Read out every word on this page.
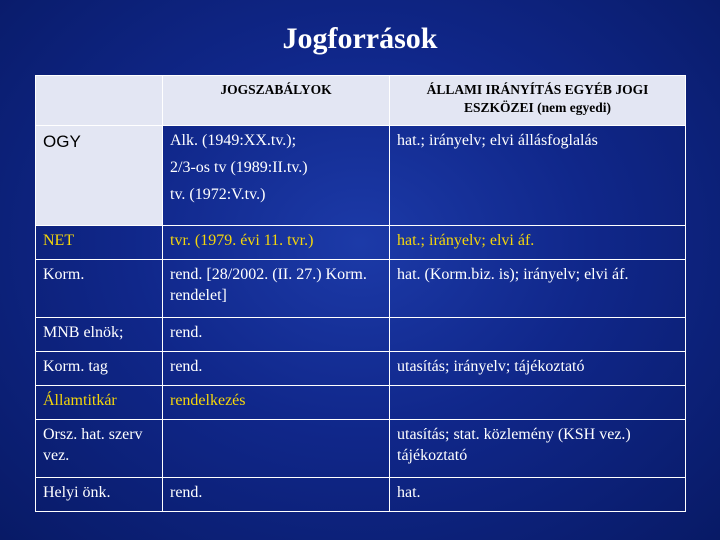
Jogforrások
	JOGSZABÁLYOK	ÁLLAMI IRÁNYÍTÁS EGYÉB JOGI ESZKÖZEI (nem egyedi)
OGY	Alk. (1949:XX.tv.);
2/3-os tv (1989:II.tv.)
tv. (1972:V.tv.)	hat.; irányelv; elvi állásfoglalás
NET	tvr. (1979. évi 11. tvr.)	hat.; irányelv; elvi áf.
Korm.	rend. [28/2002. (II. 27.) Korm. rendelet]	hat. (Korm.biz. is); irányelv; elvi áf.
MNB elnök;	rend.	
Korm. tag	rend.	utasítás; irányelv; tájékoztató
Államtitkár	rendelkezés	
Orsz. hat. szerv vez.		utasítás; stat. közlemény (KSH vez.) tájékoztató
Helyi önk.	rend.	hat.
